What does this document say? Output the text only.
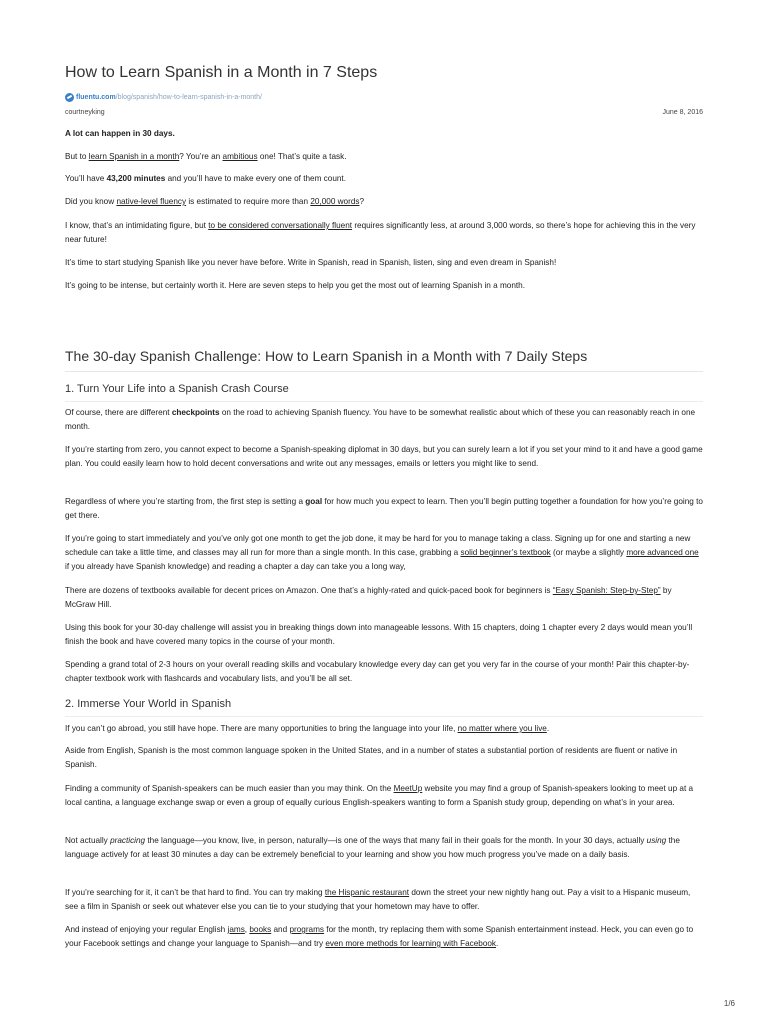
How to Learn Spanish in a Month in 7 Steps
fluentu.com /blog/spanish/how-to-learn-spanish-in-a-month/
courtneyking	June 8, 2016

A lot can happen in 30 days.

But to learn Spanish in a month? You’re an ambitious one! That’s quite a task.

You’ll have 43,200 minutes and you’ll have to make every one of them count.

Did you know native-level fluency is estimated to require more than 20,000 words?

I know, that’s an intimidating figure, but to be considered conversationally fluent requires significantly less, at around 3,000 words, so there’s hope for achieving this in the very near future!

It’s time to start studying Spanish like you never have before. Write in Spanish, read in Spanish, listen, sing and even dream in Spanish!

It’s going to be intense, but certainly worth it. Here are seven steps to help you get the most out of learning Spanish in a month.

The 30-day Spanish Challenge: How to Learn Spanish in a Month with 7 Daily Steps
1. Turn Your Life into a Spanish Crash Course

Of course, there are different checkpoints on the road to achieving Spanish fluency. You have to be somewhat realistic about which of these you can reasonably reach in one month.

If you’re starting from zero, you cannot expect to become a Spanish-speaking diplomat in 30 days, but you can surely learn a lot if you set your mind to it and have a good game plan. You could easily learn how to hold decent conversations and write out any messages, emails or letters you might like to send.

Regardless of where you’re starting from, the first step is setting a goal for how much you expect to learn. Then you’ll begin putting together a foundation for how you’re going to get there.

If you’re going to start immediately and you’ve only got one month to get the job done, it may be hard for you to manage taking a class. Signing up for one and starting a new schedule can take a little time, and classes may all run for more than a single month. In this case, grabbing a solid beginner’s textbook (or maybe a slightly more advanced one if you already have Spanish knowledge) and reading a chapter a day can take you a long way,

There are dozens of textbooks available for decent prices on Amazon. One that’s a highly-rated and quick-paced book for beginners is “Easy Spanish: Step-by-Step” by McGraw Hill.

Using this book for your 30-day challenge will assist you in breaking things down into manageable lessons. With 15 chapters, doing 1 chapter every 2 days would mean you’ll finish the book and have covered many topics in the course of your month.

Spending a grand total of 2-3 hours on your overall reading skills and vocabulary knowledge every day can get you very far in the course of your month! Pair this chapter-by-chapter textbook work with flashcards and vocabulary lists, and you’ll be all set.

2. Immerse Your World in Spanish

If you can’t go abroad, you still have hope. There are many opportunities to bring the language into your life, no matter where you live.

Aside from English, Spanish is the most common language spoken in the United States, and in a number of states a substantial portion of residents are fluent or native in Spanish.

Finding a community of Spanish-speakers can be much easier than you may think. On the MeetUp website you may find a group of Spanish-speakers looking to meet up at a local cantina, a language exchange swap or even a group of equally curious English-speakers wanting to form a Spanish study group, depending on what’s in your area.

Not actually practicing the language—you know, live, in person, naturally—is one of the ways that many fail in their goals for the month. In your 30 days, actually using the language actively for at least 30 minutes a day can be extremely beneficial to your learning and show you how much progress you’ve made on a daily basis.

If you’re searching for it, it can’t be that hard to find. You can try making the Hispanic restaurant down the street your new nightly hang out. Pay a visit to a Hispanic museum, see a film in Spanish or seek out whatever else you can tie to your studying that your hometown may have to offer.

And instead of enjoying your regular English jams, books and programs for the month, try replacing them with some Spanish entertainment instead. Heck, you can even go to your Facebook settings and change your language to Spanish—and try even more methods for learning with Facebook.

1/6
